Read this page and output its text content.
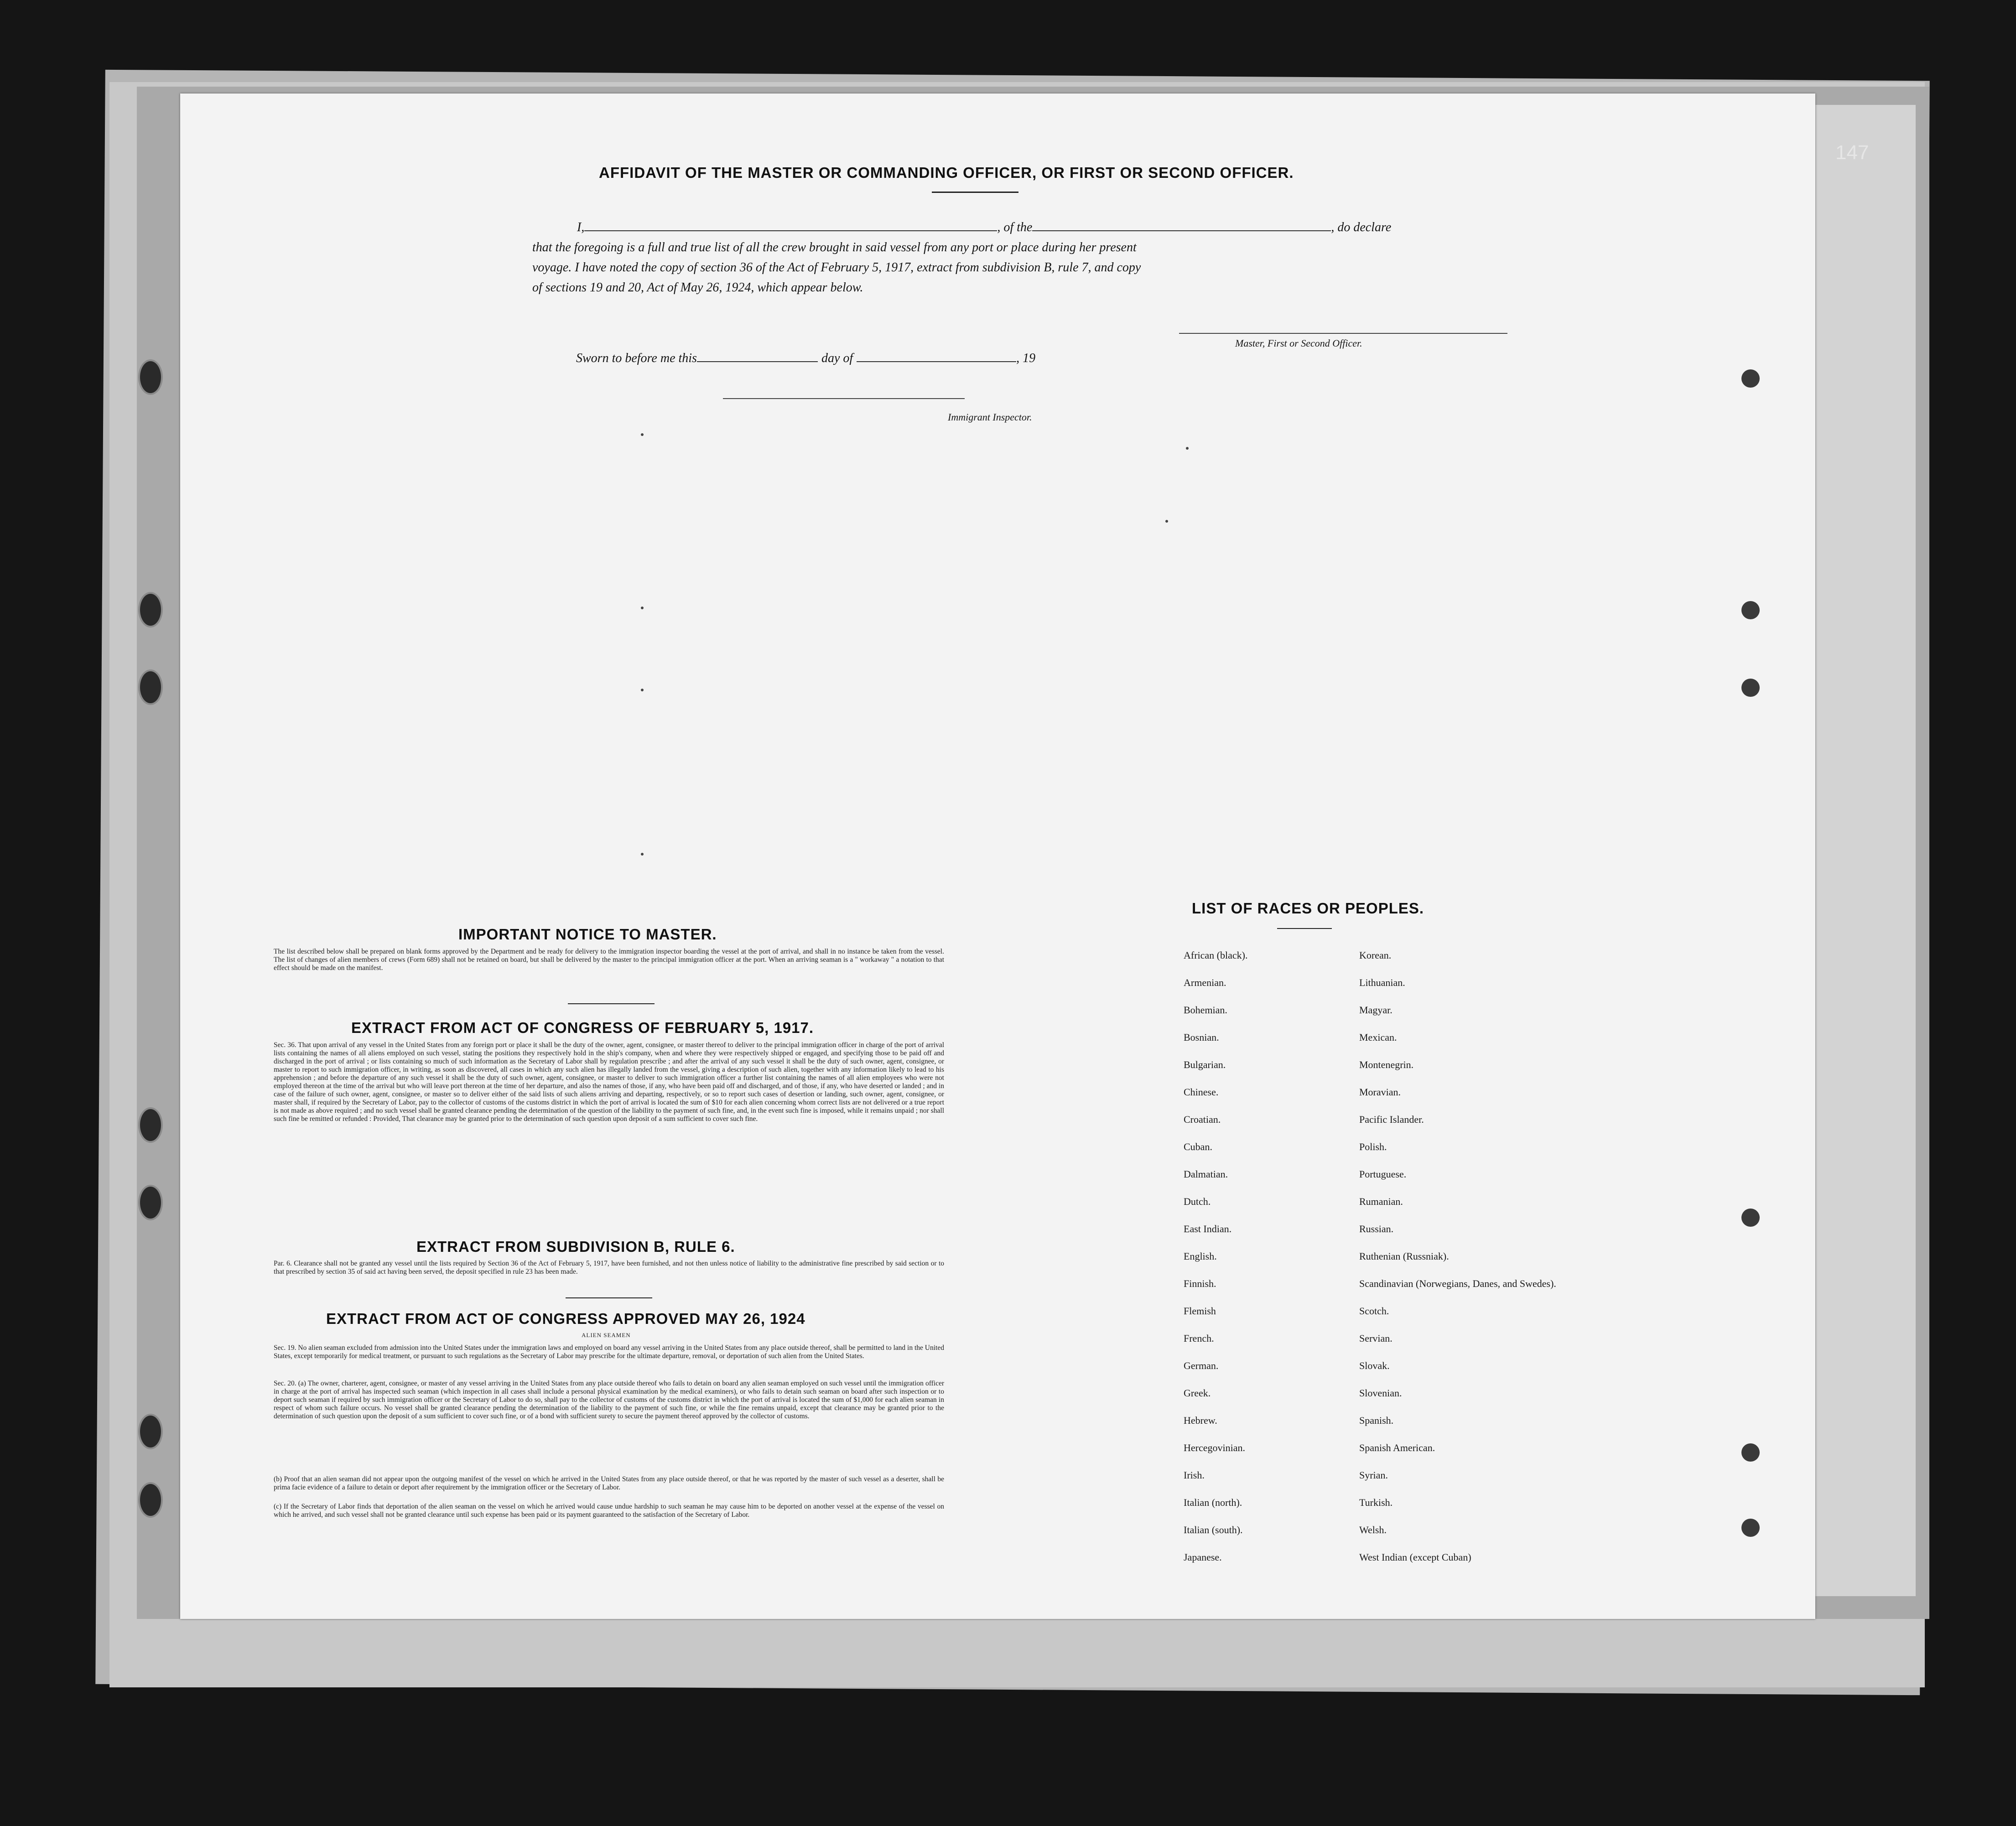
AFFIDAVIT OF THE MASTER OR COMMANDING OFFICER, OR FIRST OR SECOND OFFICER.
I,	, of the	, do declare
that the foregoing is a full and true list of all the crew brought in said vessel from any port or place during her present
voyage. I have noted the copy of section 36 of the Act of February 5, 1917, extract from subdivision B, rule 7, and copy
of sections 19 and 20, Act of May 26, 1924, which appear below.
Master, First or Second Officer.
Sworn to before me this	day of	, 19
Immigrant Inspector.
IMPORTANT NOTICE TO MASTER.
The list described below shall be prepared on blank forms approved by the Department and be ready for delivery to the immigration inspector boarding the vessel at the port of arrival, and shall in no instance be taken from the vessel. The list of changes of alien members of crews (Form 689) shall not be retained on board, but shall be delivered by the master to the principal immigration officer at the port. When an arriving seaman is a " workaway " a notation to that effect should be made on the manifest.
EXTRACT FROM ACT OF CONGRESS OF FEBRUARY 5, 1917.
Sec. 36. That upon arrival of any vessel in the United States from any foreign port or place it shall be the duty of the owner, agent, consignee, or master thereof to deliver to the principal immigration officer in charge of the port of arrival lists containing the names of all aliens employed on such vessel, stating the positions they respectively hold in the ship's company, when and where they were respectively shipped or engaged, and specifying those to be paid off and discharged in the port of arrival ; or lists containing so much of such information as the Secretary of Labor shall by regulation prescribe ; and after the arrival of any such vessel it shall be the duty of such owner, agent, consignee, or master to report to such immigration officer, in writing, as soon as discovered, all cases in which any such alien has illegally landed from the vessel, giving a description of such alien, together with any information likely to lead to his apprehension ; and before the departure of any such vessel it shall be the duty of such owner, agent, consignee, or master to deliver to such immigration officer a further list containing the names of all alien employees who were not employed thereon at the time of the arrival but who will leave port thereon at the time of her departure, and also the names of those, if any, who have been paid off and discharged, and of those, if any, who have deserted or landed ; and in case of the failure of such owner, agent, consignee, or master so to deliver either of the said lists of such aliens arriving and departing, respectively, or so to report such cases of desertion or landing, such owner, agent, consignee, or master shall, if required by the Secretary of Labor, pay to the collector of customs of the customs district in which the port of arrival is located the sum of $10 for each alien concerning whom correct lists are not delivered or a true report is not made as above required ; and no such vessel shall be granted clearance pending the determination of the question of the liability to the payment of such fine, and, in the event such fine is imposed, while it remains unpaid ; nor shall such fine be remitted or refunded : Provided, That clearance may be granted prior to the determination of such question upon deposit of a sum sufficient to cover such fine.
EXTRACT FROM SUBDIVISION B, RULE 6.
Par. 6. Clearance shall not be granted any vessel until the lists required by Section 36 of the Act of February 5, 1917, have been furnished, and not then unless notice of liability to the administrative fine prescribed by said section or to that prescribed by section 35 of said act having been served, the deposit specified in rule 23 has been made.
EXTRACT FROM ACT OF CONGRESS APPROVED MAY 26, 1924
ALIEN SEAMEN
Sec. 19. No alien seaman excluded from admission into the United States under the immigration laws and employed on board any vessel arriving in the United States from any place outside thereof, shall be permitted to land in the United States, except temporarily for medical treatment, or pursuant to such regulations as the Secretary of Labor may prescribe for the ultimate departure, removal, or deportation of such alien from the United States.
Sec. 20. (a) The owner, charterer, agent, consignee, or master of any vessel arriving in the United States from any place outside thereof who fails to detain on board any alien seaman employed on such vessel until the immigration officer in charge at the port of arrival has inspected such seaman (which inspection in all cases shall include a personal physical examination by the medical examiners), or who fails to detain such seaman on board after such inspection or to deport such seaman if required by such immigration officer or the Secretary of Labor to do so, shall pay to the collector of customs of the customs district in which the port of arrival is located the sum of $1,000 for each alien seaman in respect of whom such failure occurs. No vessel shall be granted clearance pending the determination of the liability to the payment of such fine, or while the fine remains unpaid, except that clearance may be granted prior to the determination of such question upon the deposit of a sum sufficient to cover such fine, or of a bond with sufficient surety to secure the payment thereof approved by the collector of customs.
(b) Proof that an alien seaman did not appear upon the outgoing manifest of the vessel on which he arrived in the United States from any place outside thereof, or that he was reported by the master of such vessel as a deserter, shall be prima facie evidence of a failure to detain or deport after requirement by the immigration officer or the Secretary of Labor.
(c) If the Secretary of Labor finds that deportation of the alien seaman on the vessel on which he arrived would cause undue hardship to such seaman he may cause him to be deported on another vessel at the expense of the vessel on which he arrived, and such vessel shall not be granted clearance until such expense has been paid or its payment guaranteed to the satisfaction of the Secretary of Labor.
LIST OF RACES OR PEOPLES.
African (black).
Armenian.
Bohemian.
Bosnian.
Bulgarian.
Chinese.
Croatian.
Cuban.
Dalmatian.
Dutch.
East Indian.
English.
Finnish.
Flemish
French.
German.
Greek.
Hebrew.
Hercegovinian.
Irish.
Italian (north).
Italian (south).
Japanese.
Korean.
Lithuanian.
Magyar.
Mexican.
Montenegrin.
Moravian.
Pacific Islander.
Polish.
Portuguese.
Rumanian.
Russian.
Ruthenian (Russniak).
Scandinavian (Norwegians, Danes, and Swedes).
Scotch.
Servian.
Slovak.
Slovenian.
Spanish.
Spanish American.
Syrian.
Turkish.
Welsh.
West Indian (except Cuban)
147
